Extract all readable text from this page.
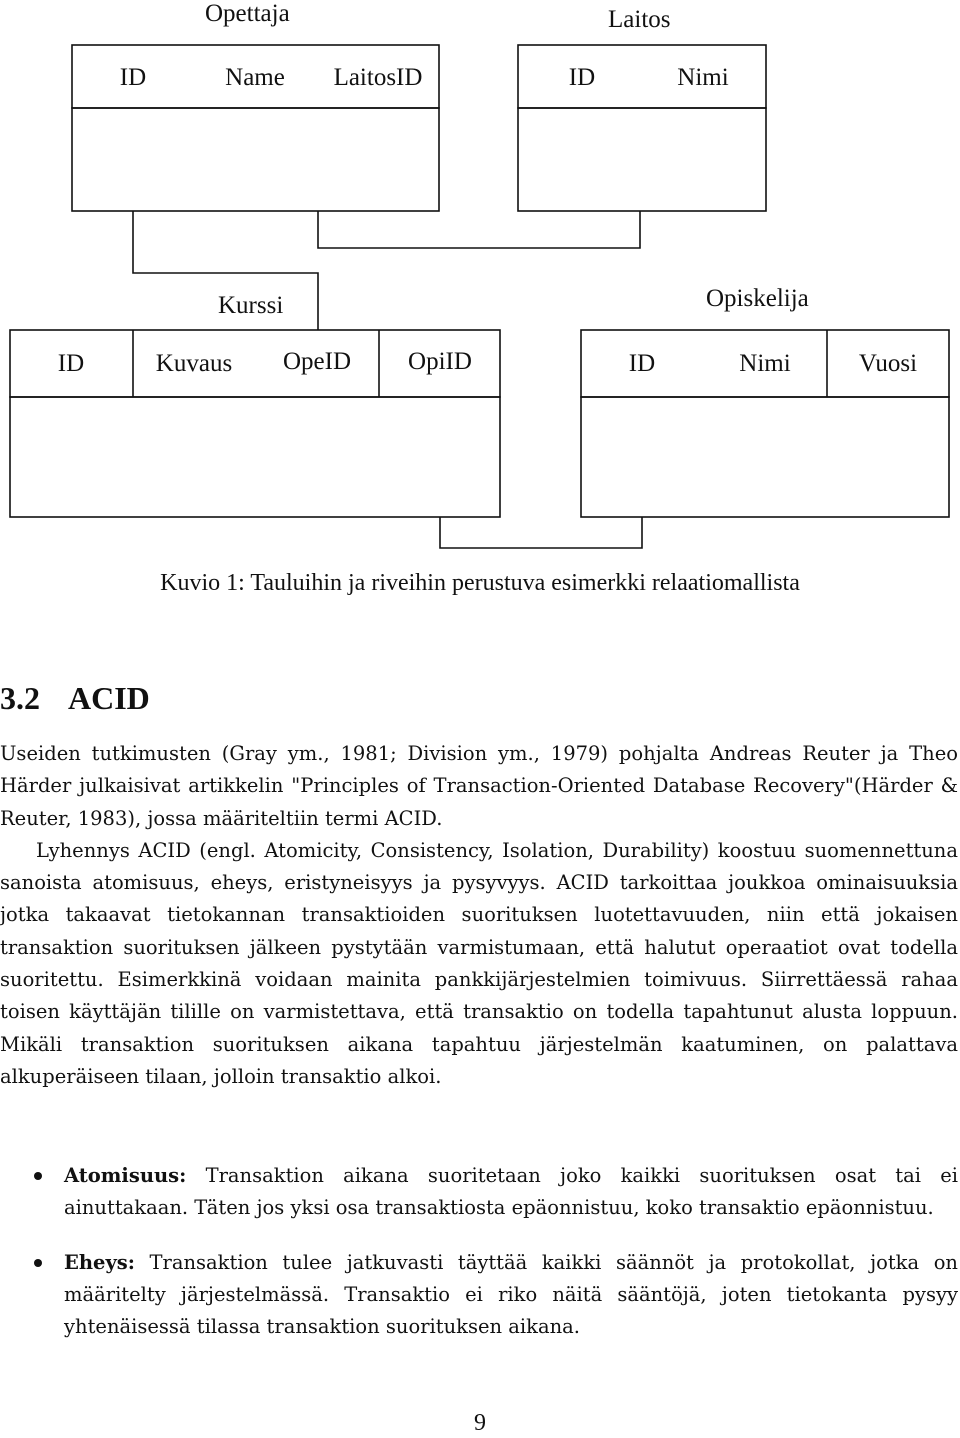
Opettaja	Laitos
Kurssi	Opiskelija
ID	Name LaitosID	ID	Nimi
ID	Kuvaus OpeID OpiID	ID	Nimi	Vuosi
Kuvio 1: Tauluihin ja riveihin perustuva esimerkki relaatiomallista
3.2 ACID

Useiden tutkimusten (Gray ym., 1981; Division ym., 1979) pohjalta Andreas Reuter ja Theo Härder julkaisivat artikkelin "Principles of Transaction-Oriented Database Recovery"(Härder & Reuter, 1983), jossa määriteltiin termi ACID.

Lyhennys ACID (engl. Atomicity, Consistency, Isolation, Durability) koostuu suomennettuna sanoista atomisuus, eheys, eristyneisyys ja pysyvyys. ACID tarkoittaa joukkoa ominaisuuksia jotka takaavat tietokannan transaktioiden suorituksen luotettavuuden, niin että jokaisen transaktion suorituksen jälkeen pystytään varmistumaan, että halutut operaatiot ovat todella suoritettu. Esimerkkinä voidaan mainita pankkijärjestelmien toimivuus. Siirrettäessä rahaa toisen käyttäjän tilille on varmistettava, että transaktio on todella tapahtunut alusta loppuun. Mikäli transaktion suorituksen aikana tapahtuu järjestelmän kaatuminen, on palattava alkuperäiseen tilaan, jolloin transaktio alkoi.

Atomisuus: Transaktion aikana suoritetaan joko kaikki suorituksen osat tai ei ainuttakaan. Täten jos yksi osa transaktiosta epäonnistuu, koko transaktio epäonnistuu.
Eheys: Transaktion tulee jatkuvasti täyttää kaikki säännöt ja protokollat, jotka on määritelty järjestelmässä. Transaktio ei riko näitä sääntöjä, joten tietokanta pysyy yhtenäisessä tilassa transaktion suorituksen aikana.
9
